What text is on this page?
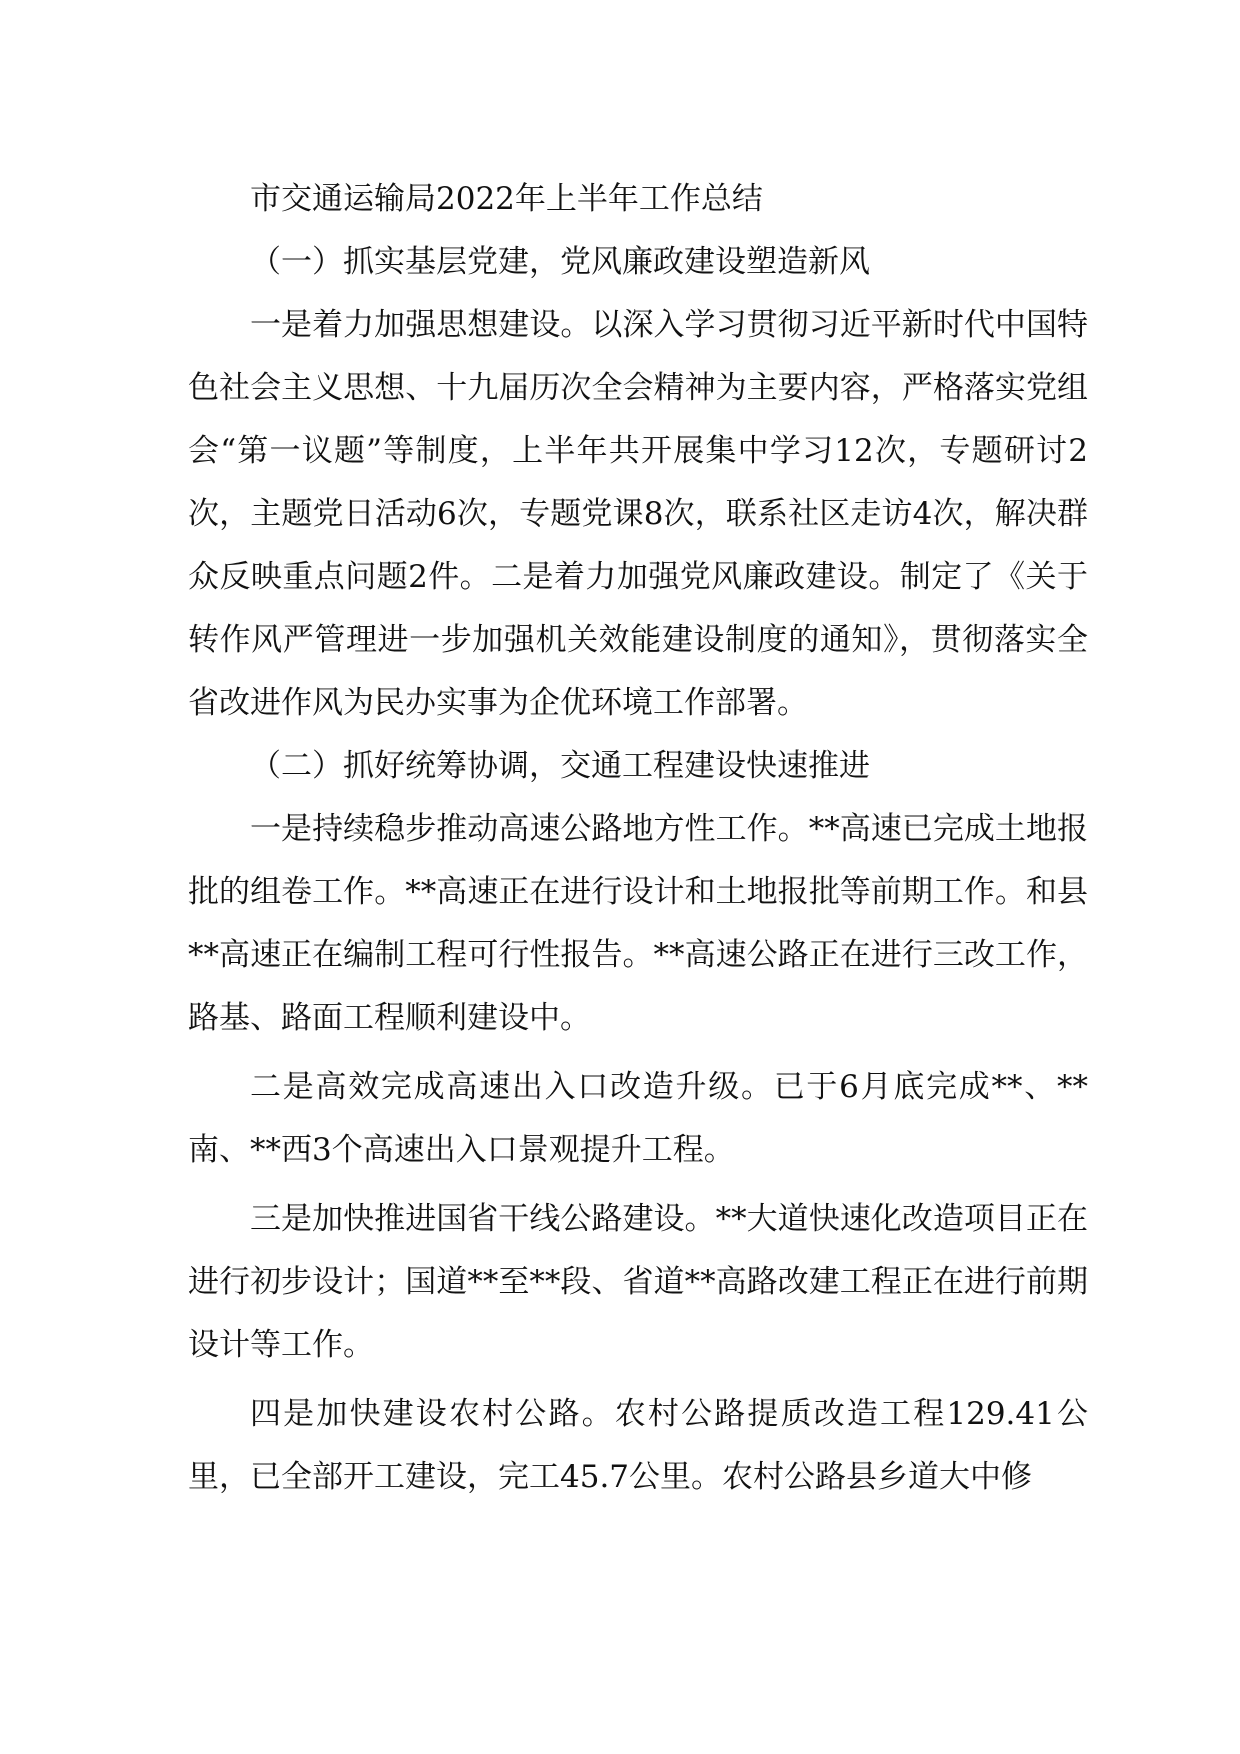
市交通运输局2022年上半年工作总结

（一）抓实基层党建，党风廉政建设塑造新风

一是着力加强思想建设。以深入学习贯彻习近平新时代中国特色社会主义思想、十九届历次全会精神为主要内容，严格落实党组会“第一议题”等制度，上半年共开展集中学习12次，专题研讨2次，主题党日活动6次，专题党课8次，联系社区走访4次，解决群众反映重点问题2件。二是着力加强党风廉政建设。制定了《关于转作风严管理进一步加强机关效能建设制度的通知》，贯彻落实全省改进作风为民办实事为企优环境工作部署。

（二）抓好统筹协调，交通工程建设快速推进

一是持续稳步推动高速公路地方性工作。**高速已完成土地报批的组卷工作。**高速正在进行设计和土地报批等前期工作。和县**高速正在编制工程可行性报告。**高速公路正在进行三改工作，路基、路面工程顺利建设中。

二是高效完成高速出入口改造升级。已于6月底完成**、**南、**西3个高速出入口景观提升工程。

三是加快推进国省干线公路建设。**大道快速化改造项目正在进行初步设计；国道**至**段、省道**高路改建工程正在进行前期设计等工作。

四是加快建设农村公路。农村公路提质改造工程129.41公里，已全部开工建设，完工45.7公里。农村公路县乡道大中修
